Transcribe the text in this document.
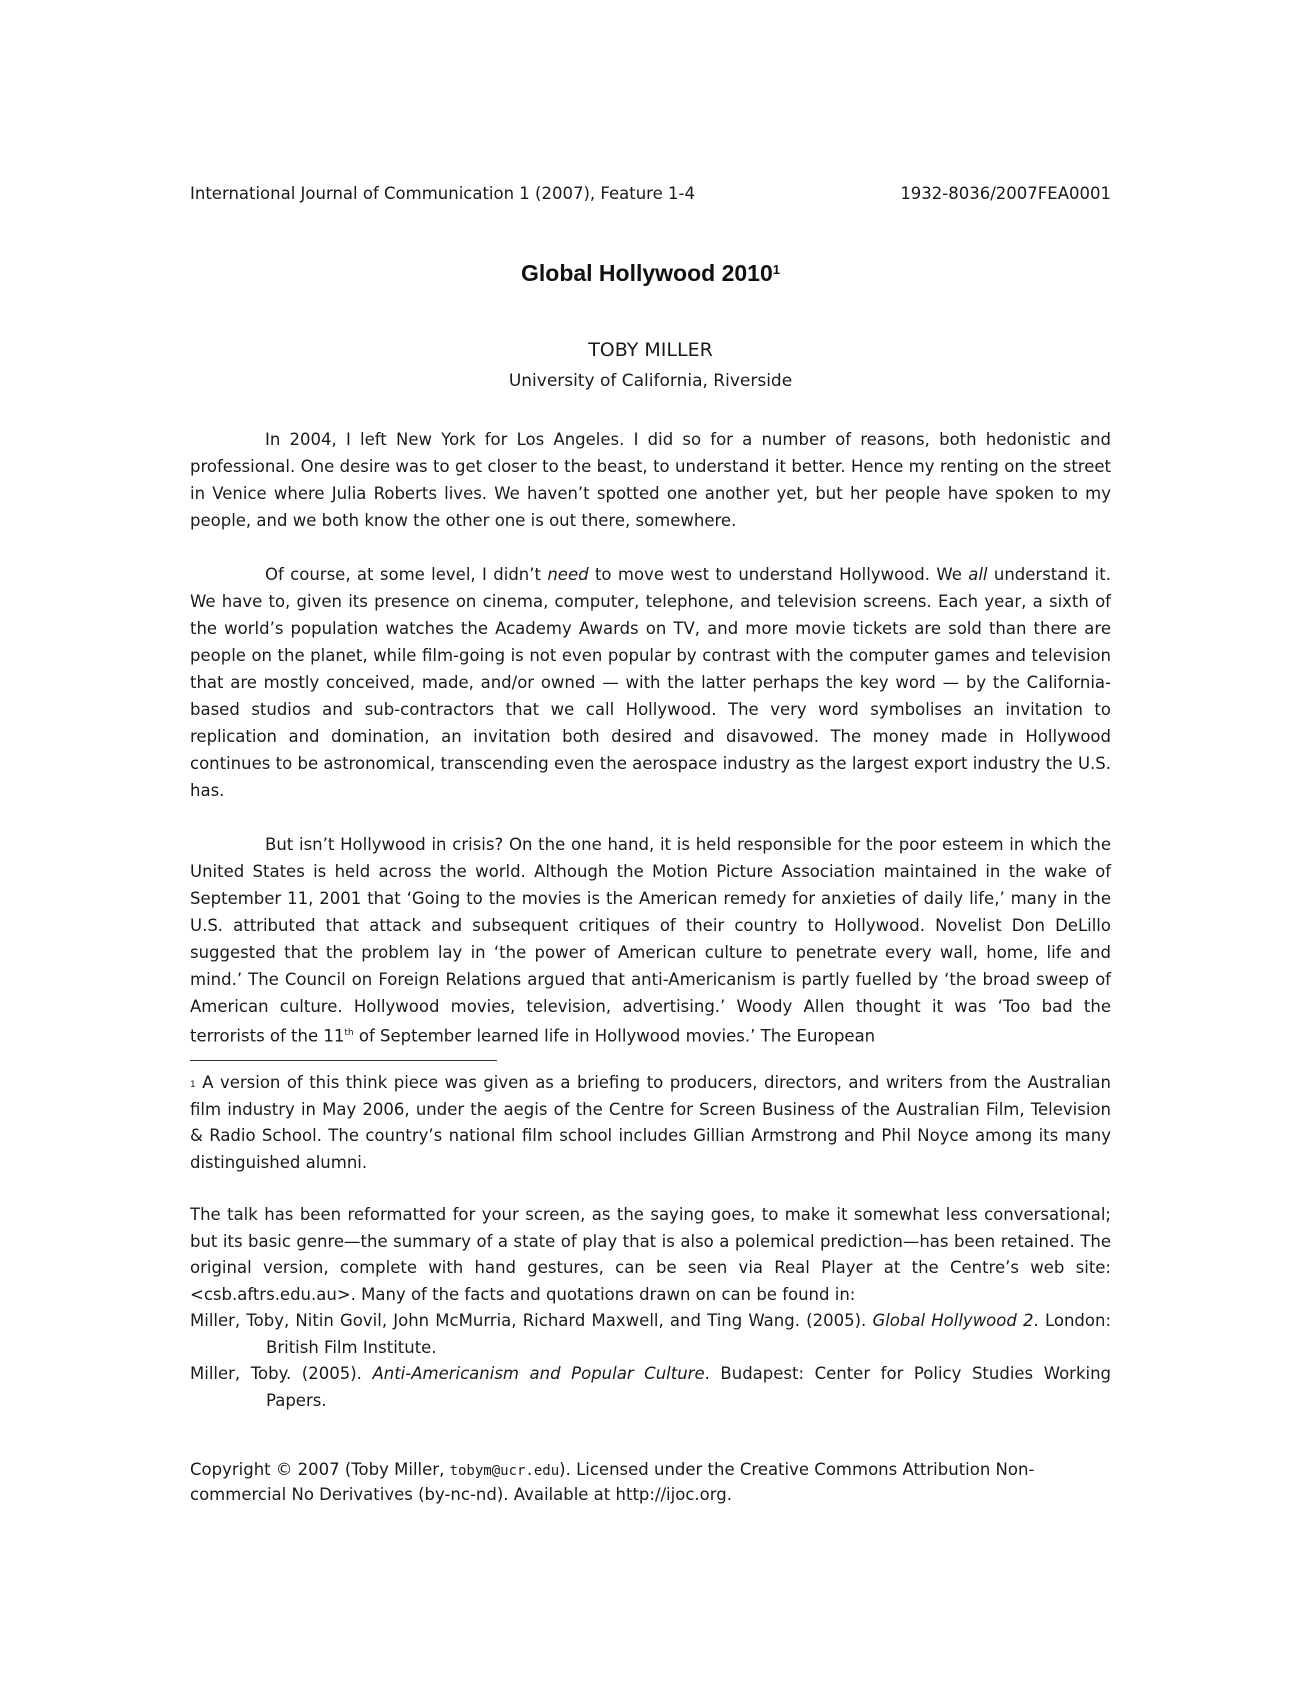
International Journal of Communication 1 (2007), Feature 1-4	1932-8036/2007FEA0001
Global Hollywood 2010$^1$
TOBY MILLER
University of California, Riverside

In 2004, I left New York for Los Angeles. I did so for a number of reasons, both hedonistic and professional. One desire was to get closer to the beast, to understand it better. Hence my renting on the street in Venice where Julia Roberts lives. We haven’t spotted one another yet, but her people have spoken to my people, and we both know the other one is out there, somewhere.

Of course, at some level, I didn’t need to move west to understand Hollywood. We all understand it. We have to, given its presence on cinema, computer, telephone, and television screens. Each year, a sixth of the world’s population watches the Academy Awards on TV, and more movie tickets are sold than there are people on the planet, while film-going is not even popular by contrast with the computer games and television that are mostly conceived, made, and/or owned — with the latter perhaps the key word — by the California-based studios and sub-contractors that we call Hollywood. The very word symbolises an invitation to replication and domination, an invitation both desired and disavowed. The money made in Hollywood continues to be astronomical, transcending even the aerospace industry as the largest export industry the U.S. has.

But isn’t Hollywood in crisis? On the one hand, it is held responsible for the poor esteem in which the United States is held across the world. Although the Motion Picture Association maintained in the wake of September 11, 2001 that ‘Going to the movies is the American remedy for anxieties of daily life,’ many in the U.S. attributed that attack and subsequent critiques of their country to Hollywood. Novelist Don DeLillo suggested that the problem lay in ‘the power of American culture to penetrate every wall, home, life and mind.’ The Council on Foreign Relations argued that anti-Americanism is partly fuelled by ‘the broad sweep of American culture. Hollywood movies, television, advertising.’ Woody Allen thought it was ‘Too bad the terrorists of the 11th of September learned life in Hollywood movies.’ The European

$^1$ A version of this think piece was given as a briefing to producers, directors, and writers from the Australian film industry in May 2006, under the aegis of the Centre for Screen Business of the Australian Film, Television & Radio School. The country’s national film school includes Gillian Armstrong and Phil Noyce among its many distinguished alumni.

The talk has been reformatted for your screen, as the saying goes, to make it somewhat less conversational; but its basic genre—the summary of a state of play that is also a polemical prediction—has been retained. The original version, complete with hand gestures, can be seen via Real Player at the Centre’s web site: <csb.aftrs.edu.au>. Many of the facts and quotations drawn on can be found in:

Miller, Toby, Nitin Govil, John McMurria, Richard Maxwell, and Ting Wang. (2005). Global Hollywood 2. London: British Film Institute.

Miller, Toby. (2005). Anti-Americanism and Popular Culture. Budapest: Center for Policy Studies Working Papers.

Copyright © 2007 (Toby Miller, tobym@ucr.edu). Licensed under the Creative Commons Attribution Non-commercial No Derivatives (by-nc-nd). Available at http://ijoc.org.
